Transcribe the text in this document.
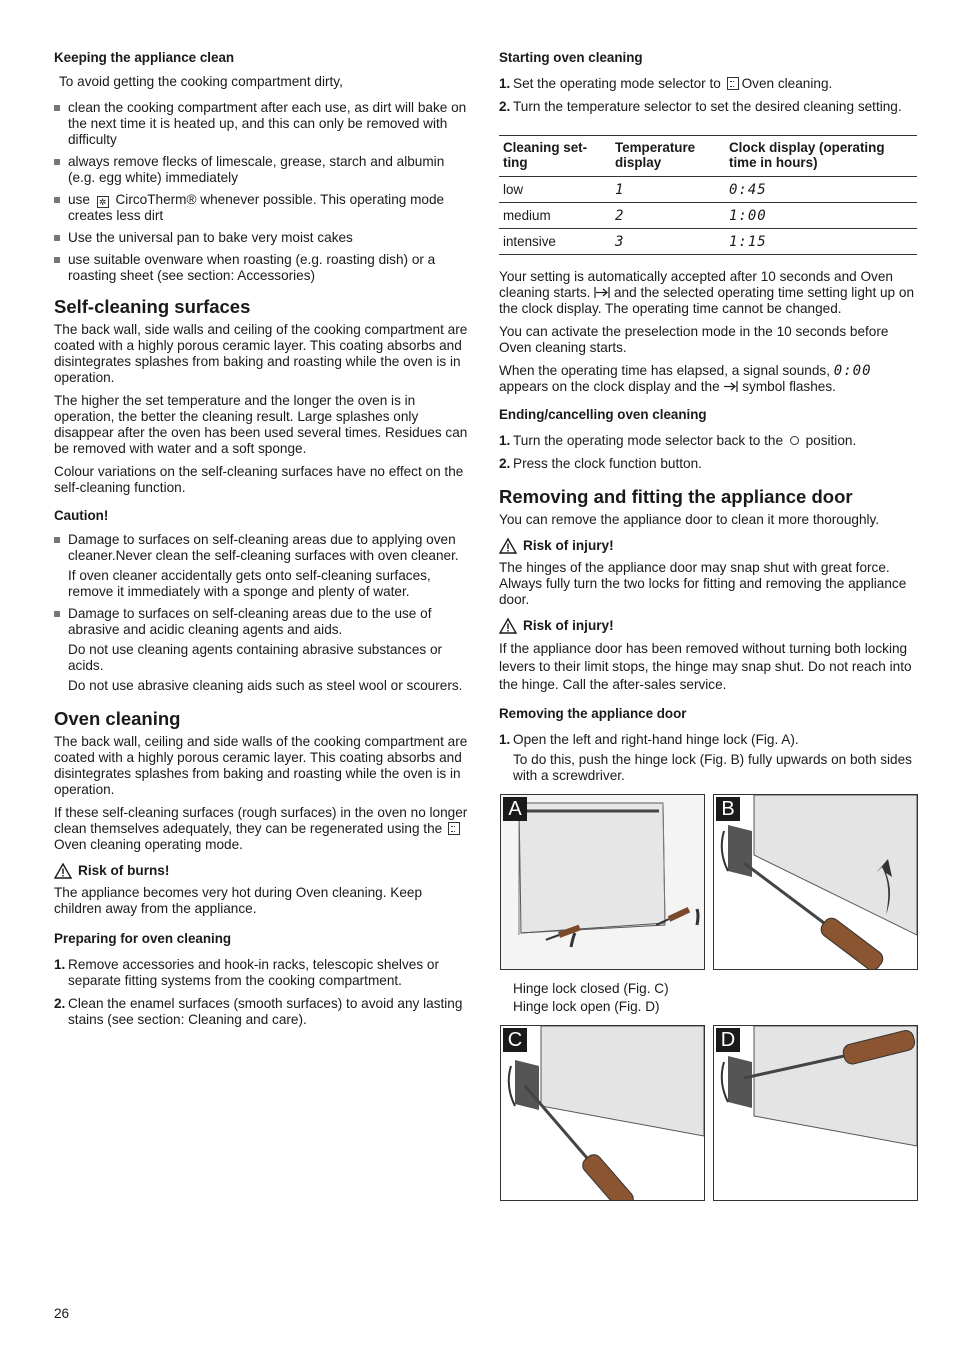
Keeping the appliance clean

To avoid getting the cooking compartment dirty,

clean the cooking compartment after each use, as dirt will bake on the next time it is heated up, and this can only be removed with difficulty
always remove flecks of limescale, grease, starch and albumin (e.g. egg white) immediately
use ✲ CircoTherm® whenever possible. This operating mode creates less dirt
Use the universal pan to bake very moist cakes
use suitable ovenware when roasting (e.g. roasting dish) or a roasting sheet (see section: Accessories)
Self-cleaning surfaces

The back wall, side walls and ceiling of the cooking compartment are coated with a highly porous ceramic layer. This coating absorbs and disintegrates splashes from baking and roasting while the oven is in operation.

The higher the set temperature and the longer the oven is in operation, the better the cleaning result. Large splashes only disappear after the oven has been used several times. Residues can be removed with water and a soft sponge.

Colour variations on the self-cleaning surfaces have no effect on the self-cleaning function.

Caution!
Damage to surfaces on self-cleaning areas due to applying oven cleaner.Never clean the self-cleaning surfaces with oven cleaner.

If oven cleaner accidentally gets onto self-cleaning surfaces, remove it immediately with a sponge and plenty of water.

Damage to surfaces on self-cleaning areas due to the use of abrasive and acidic cleaning agents and aids.

Do not use cleaning agents containing abrasive substances or acids.

Do not use abrasive cleaning aids such as steel wool or scourers.

Oven cleaning

The back wall, ceiling and side walls of the cooking compartment are coated with a highly porous ceramic layer. This coating absorbs and disintegrates splashes from baking and roasting while the oven is in operation.

If these self-cleaning surfaces (rough surfaces) in the oven no longer clean themselves adequately, they can be regenerated using the  Oven cleaning operating mode.

Risk of burns!

The appliance becomes very hot during Oven cleaning. Keep children away from the appliance.

Preparing for oven cleaning
1. Remove accessories and hook-in racks, telescopic shelves or separate fitting systems from the cooking compartment.
2. Clean the enamel surfaces (smooth surfaces) to avoid any lasting stains (see section: Cleaning and care).
Starting oven cleaning
1. Set the operating mode selector to Oven cleaning.
2. Turn the temperature selector to set the desired cleaning setting.
Cleaning set-ting	Temperature display	Clock display (operating time in hours)
low	1	0:45
medium	2	1:00
intensive	3	1:15

Your setting is automatically accepted after 10 seconds and Oven cleaning starts. and the selected operating time setting light up on the clock display. The operating time cannot be changed.

You can activate the preselection mode in the 10 seconds before Oven cleaning starts.

When the operating time has elapsed, a signal sounds, 0:00 appears on the clock display and the symbol flashes.

Ending/cancelling oven cleaning
1. Turn the operating mode selector back to the position.
2. Press the clock function button.
Removing and fitting the appliance door

You can remove the appliance door to clean it more thoroughly.

Risk of injury!

The hinges of the appliance door may snap shut with great force. Always fully turn the two locks for fitting and removing the appliance door.

Risk of injury!

If the appliance door has been removed without turning both locking levers to their limit stops, the hinge may snap shut. Do not reach into the hinge. Call the after-sales service.

Removing the appliance door
1. Open the left and right-hand hinge lock (Fig. A).

To do this, push the hinge lock (Fig. B) fully upwards on both sides with a screwdriver.

A	B

Hinge lock closed (Fig. C)

Hinge lock open (Fig. D)

C	D
26
